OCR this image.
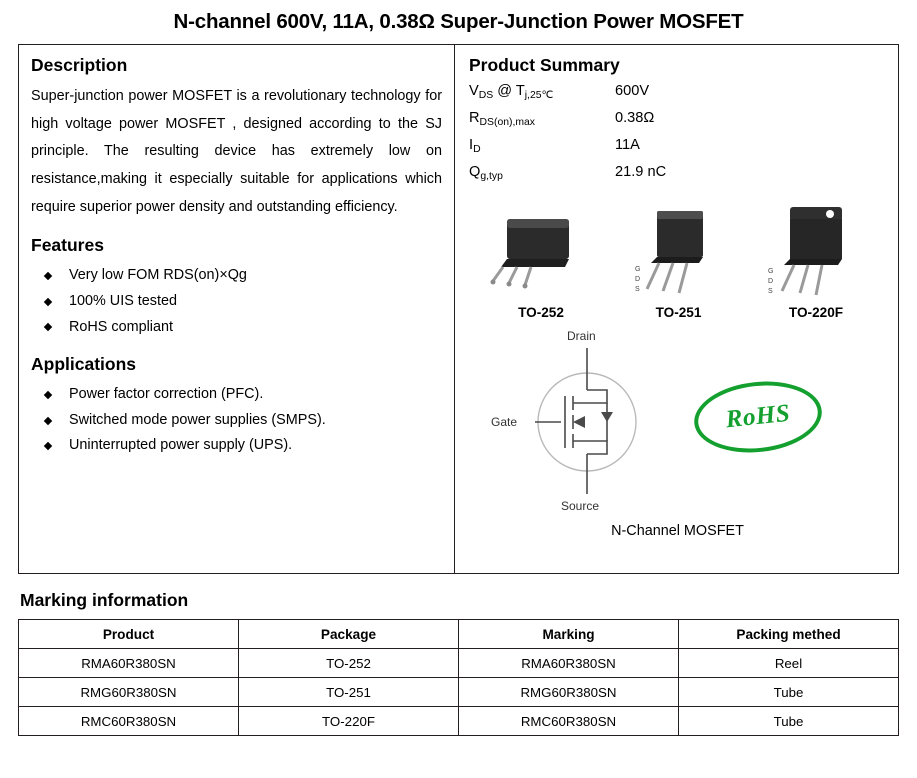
N-channel 600V, 11A, 0.38Ω Super-Junction Power MOSFET
Description

Super-junction power MOSFET is a revolutionary technology for high voltage power MOSFET , designed according to the SJ principle. The resulting device has extremely low on resistance,making it especially suitable for applications which require superior power density and outstanding efficiency.

Features
Very low FOM RDS(on)×Qg
100% UIS tested
RoHS compliant
Applications
Power factor correction (PFC).
Switched mode power supplies (SMPS).
Uninterrupted power supply (UPS).
Product Summary
$V_{DS}$ @ $T_{j,25℃}$	600V
$R_{DS(on),max}$	0.38Ω
$I_D$	11A
$Q_{g,typ}$	21.9 nC
TO-252
G
D
S
TO-251
G
D
S
TO-220F
Drain
Gate
Source
RoHS
N-Channel MOSFET
Marking information
Product	Package	Marking	Packing methed
RMA60R380SN	TO-252	RMA60R380SN	Reel
RMG60R380SN	TO-251	RMG60R380SN	Tube
RMC60R380SN	TO-220F	RMC60R380SN	Tube
